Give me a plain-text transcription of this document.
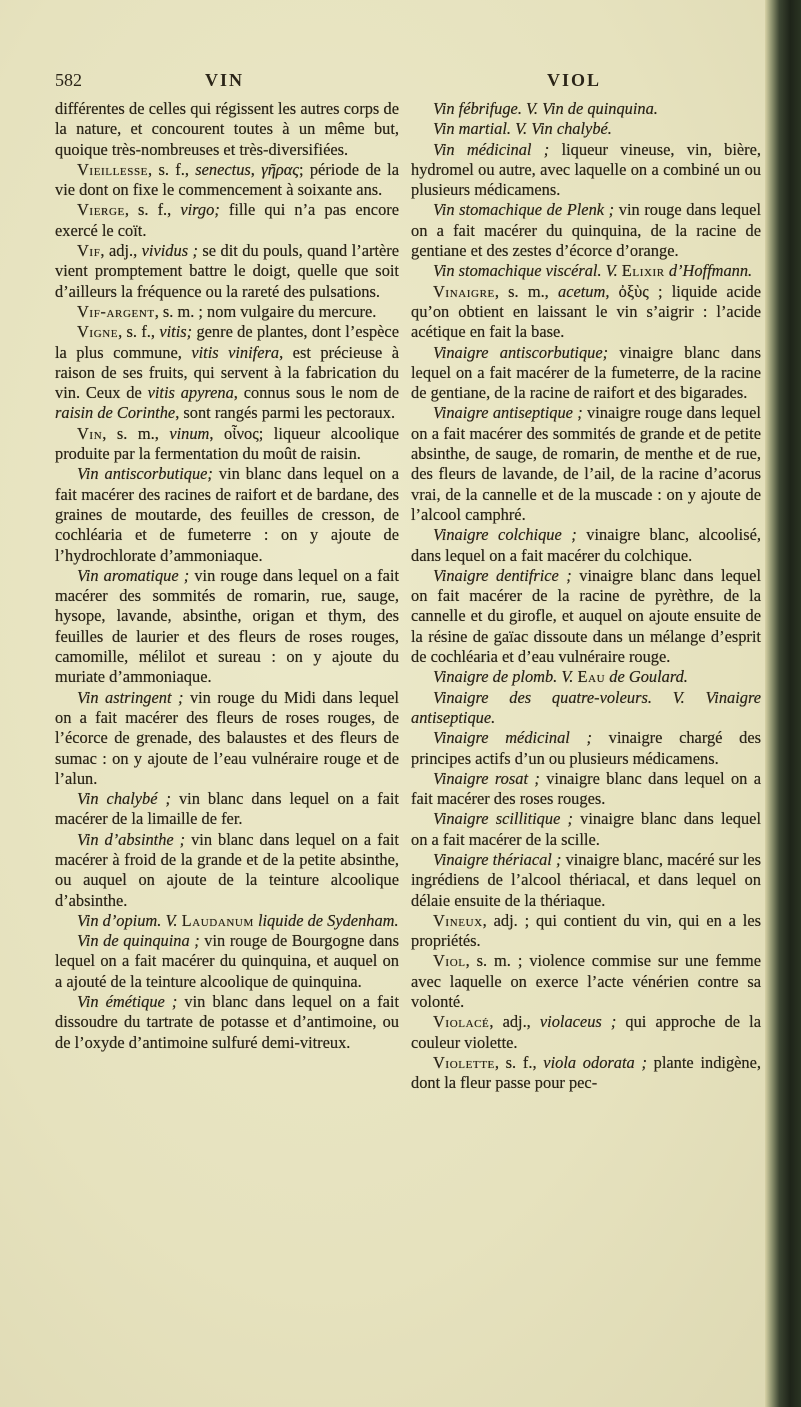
582	VIN	VIOL

différentes de celles qui régissent les autres corps de la nature, et concourent toutes à un même but, quoique très-nombreuses et très-diversifiées.

Vieillesse, s. f., senectus, γῆρας; période de la vie dont on fixe le commencement à soixante ans.

Vierge, s. f., virgo; fille qui n’a pas encore exercé le coït.

Vif, adj., vividus ; se dit du pouls, quand l’artère vient promptement battre le doigt, quelle que soit d’ailleurs la fréquence ou la rareté des pulsations.

Vif-argent, s. m. ; nom vulgaire du mercure.

Vigne, s. f., vitis; genre de plantes, dont l’espèce la plus commune, vitis vinifera, est précieuse à raison de ses fruits, qui servent à la fabrication du vin. Ceux de vitis apyrena, connus sous le nom de raisin de Corinthe, sont rangés parmi les pectoraux.

Vin, s. m., vinum, οἶνος; liqueur alcoolique produite par la fermentation du moût de raisin.

Vin antiscorbutique; vin blanc dans lequel on a fait macérer des racines de raifort et de bardane, des graines de moutarde, des feuilles de cresson, de cochléaria et de fumeterre : on y ajoute de l’hydrochlorate d’ammoniaque.

Vin aromatique ; vin rouge dans lequel on a fait macérer des sommités de romarin, rue, sauge, hysope, lavande, absinthe, origan et thym, des feuilles de laurier et des fleurs de roses rouges, camomille, mélilot et sureau : on y ajoute du muriate d’ammoniaque.

Vin astringent ; vin rouge du Midi dans lequel on a fait macérer des fleurs de roses rouges, de l’écorce de grenade, des balaustes et des fleurs de sumac : on y ajoute de l’eau vulnéraire rouge et de l’alun.

Vin chalybé ; vin blanc dans lequel on a fait macérer de la limaille de fer.

Vin d’absinthe ; vin blanc dans lequel on a fait macérer à froid de la grande et de la petite absinthe, ou auquel on ajoute de la teinture alcoolique d’absinthe.

Vin d’opium. V. Laudanum liquide de Sydenham.

Vin de quinquina ; vin rouge de Bourgogne dans lequel on a fait macérer du quinquina, et auquel on a ajouté de la teinture alcoolique de quinquina.

Vin émétique ; vin blanc dans lequel on a fait dissoudre du tartrate de potasse et d’antimoine, ou de l’oxyde d’antimoine sulfuré demi-vitreux.

Vin fébrifuge. V. Vin de quinquina.

Vin martial. V. Vin chalybé.

Vin médicinal ; liqueur vineuse, vin, bière, hydromel ou autre, avec laquelle on a combiné un ou plusieurs médicamens.

Vin stomachique de Plenk ; vin rouge dans lequel on a fait macérer du quinquina, de la racine de gentiane et des zestes d’écorce d’orange.

Vin stomachique viscéral. V. Elixir d’Hoffmann.

Vinaigre, s. m., acetum, ὀξὺς ; liquide acide qu’on obtient en laissant le vin s’aigrir : l’acide acétique en fait la base.

Vinaigre antiscorbutique; vinaigre blanc dans lequel on a fait macérer de la fumeterre, de la racine de gentiane, de la racine de raifort et des bigarades.

Vinaigre antiseptique ; vinaigre rouge dans lequel on a fait macérer des sommités de grande et de petite absinthe, de sauge, de romarin, de menthe et de rue, des fleurs de lavande, de l’ail, de la racine d’acorus vrai, de la cannelle et de la muscade : on y ajoute de l’alcool camphré.

Vinaigre colchique ; vinaigre blanc, alcoolisé, dans lequel on a fait macérer du colchique.

Vinaigre dentifrice ; vinaigre blanc dans lequel on fait macérer de la racine de pyrèthre, de la cannelle et du girofle, et auquel on ajoute ensuite de la résine de gaïac dissoute dans un mélange d’esprit de cochléaria et d’eau vulnéraire rouge.

Vinaigre de plomb. V. Eau de Goulard.

Vinaigre des quatre-voleurs. V. Vinaigre antiseptique.

Vinaigre médicinal ; vinaigre chargé des principes actifs d’un ou plusieurs médicamens.

Vinaigre rosat ; vinaigre blanc dans lequel on a fait macérer des roses rouges.

Vinaigre scillitique ; vinaigre blanc dans lequel on a fait macérer de la scille.

Vinaigre thériacal ; vinaigre blanc, macéré sur les ingrédiens de l’alcool thériacal, et dans lequel on délaie ensuite de la thériaque.

Vineux, adj. ; qui contient du vin, qui en a les propriétés.

Viol, s. m. ; violence commise sur une femme avec laquelle on exerce l’acte vénérien contre sa volonté.

Violacé, adj., violaceus ; qui approche de la couleur violette.

Violette, s. f., viola odorata ; plante indigène, dont la fleur passe pour pec-
